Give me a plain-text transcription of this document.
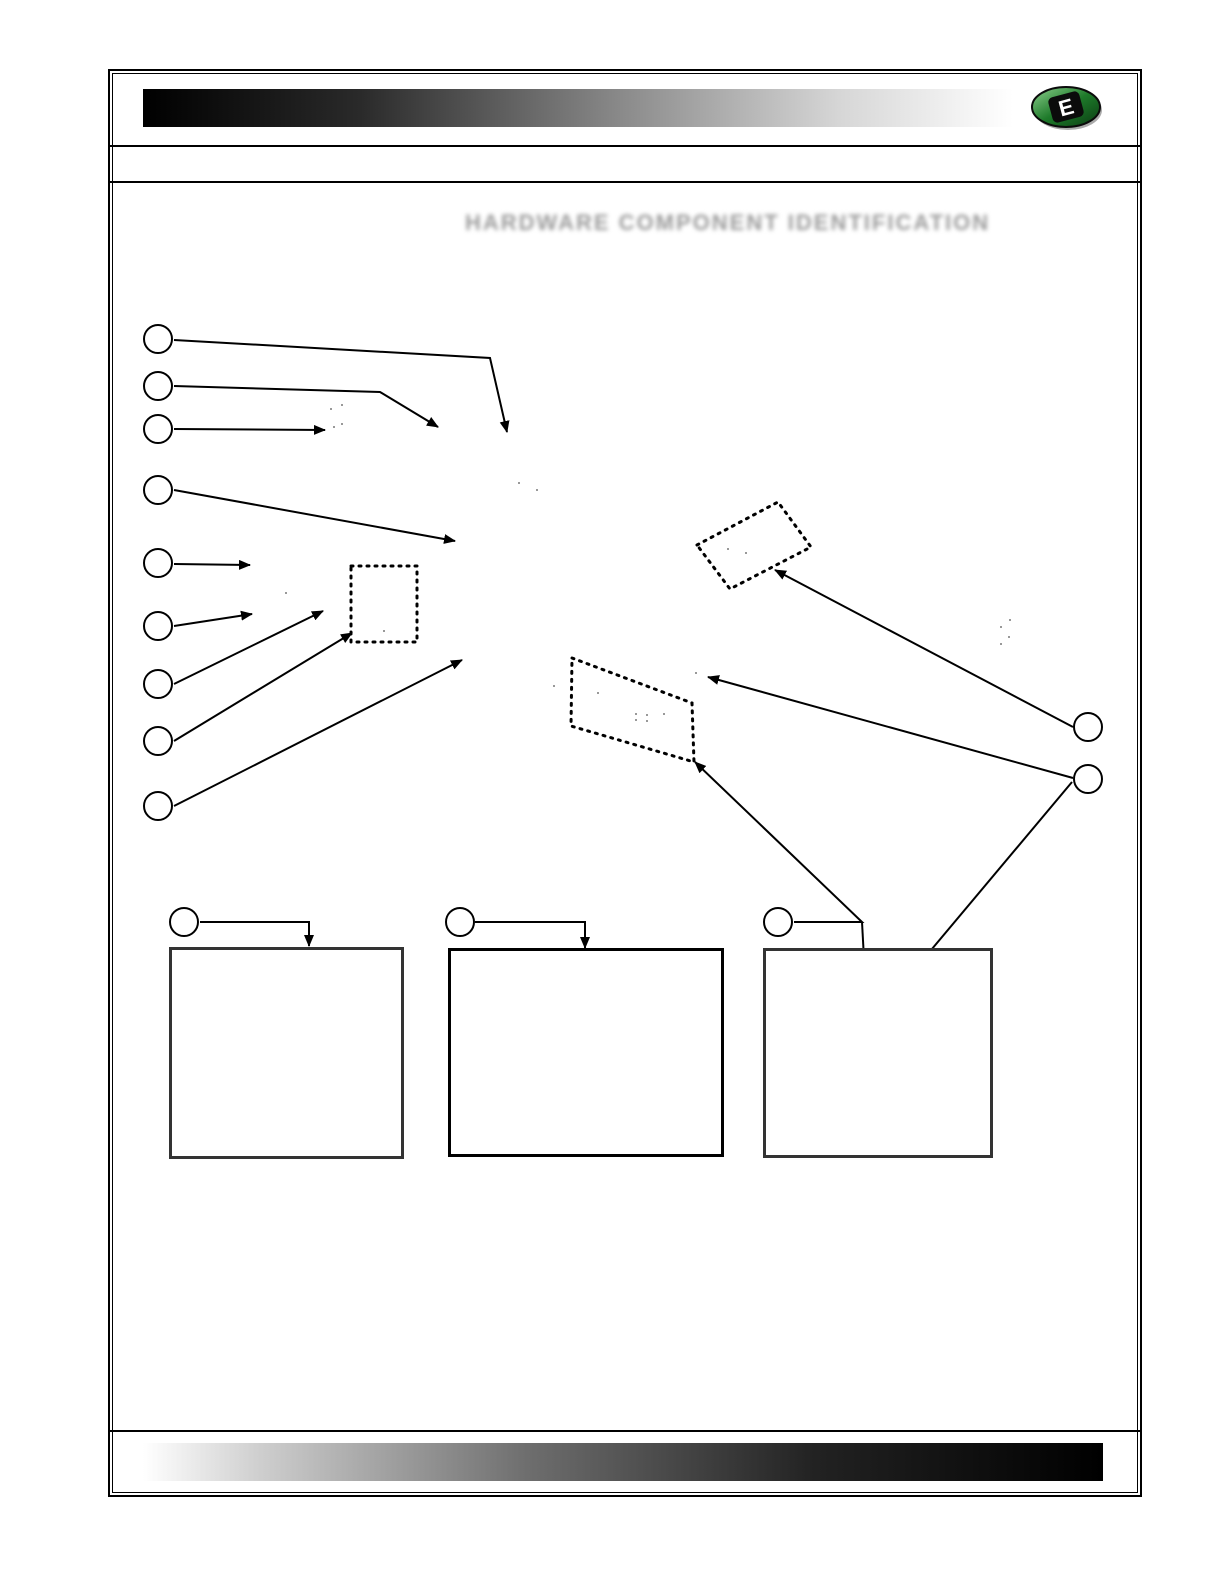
E
HARDWARE COMPONENT IDENTIFICATION
